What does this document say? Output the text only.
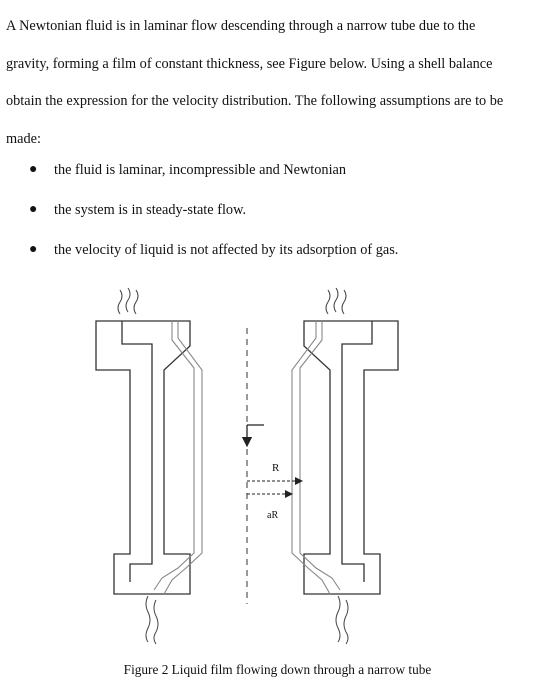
A Newtonian fluid is in laminar flow descending through a narrow tube due to the
gravity, forming a film of constant thickness, see Figure below. Using a shell balance
obtain the expression for the velocity distribution. The following assumptions are to be
made:
● the fluid is laminar, incompressible and Newtonian
● the system is in steady-state flow.
● the velocity of liquid is not affected by its adsorption of gas.
R
aR
Figure 2 Liquid film flowing down through a narrow tube
